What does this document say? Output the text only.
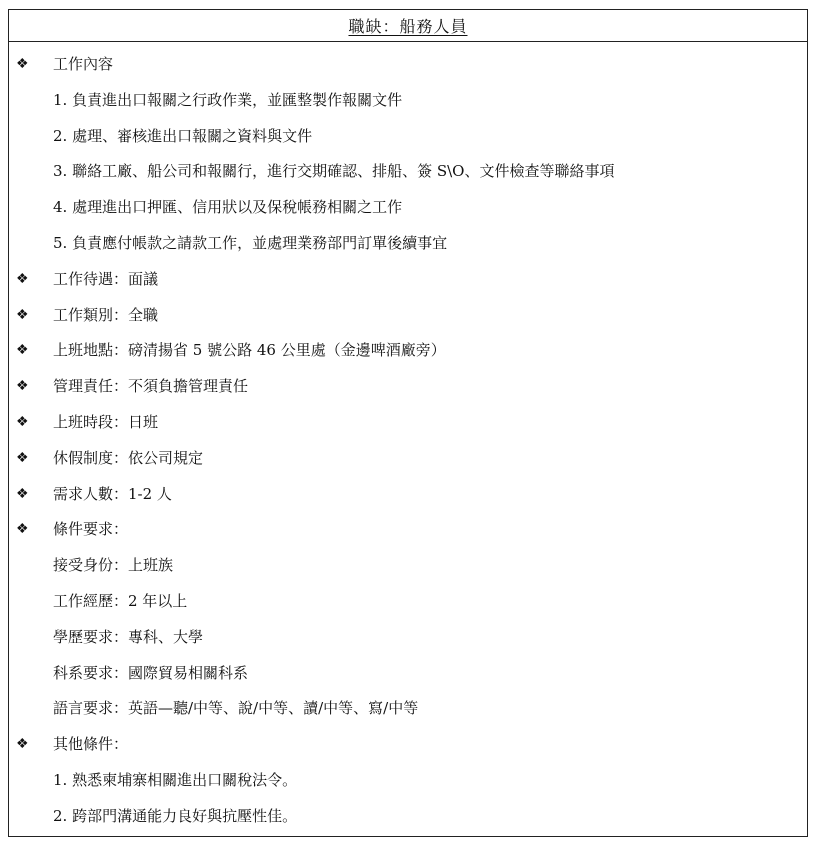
職缺：船務人員
❖ 工作內容
1. 負責進出口報關之行政作業，並匯整製作報關文件
2. 處理、審核進出口報關之資料與文件
3. 聯絡工廠、船公司和報關行，進行交期確認、排船、簽 S\O、文件檢查等聯絡事項
4. 處理進出口押匯、信用狀以及保稅帳務相關之工作
5. 負責應付帳款之請款工作，並處理業務部門訂單後續事宜
❖ 工作待遇：面議
❖ 工作類別：全職
❖ 上班地點：磅清揚省 5 號公路 46 公里處（金邊啤酒廠旁）
❖ 管理責任：不須負擔管理責任
❖ 上班時段：日班
❖ 休假制度：依公司規定
❖ 需求人數：1-2 人
❖ 條件要求：
接受身份：上班族
工作經歷：2 年以上
學歷要求：專科、大學
科系要求：國際貿易相關科系
語言要求：英語—聽/中等、說/中等、讀/中等、寫/中等
❖ 其他條件：
1. 熟悉柬埔寨相關進出口關稅法令。
2. 跨部門溝通能力良好與抗壓性佳。
